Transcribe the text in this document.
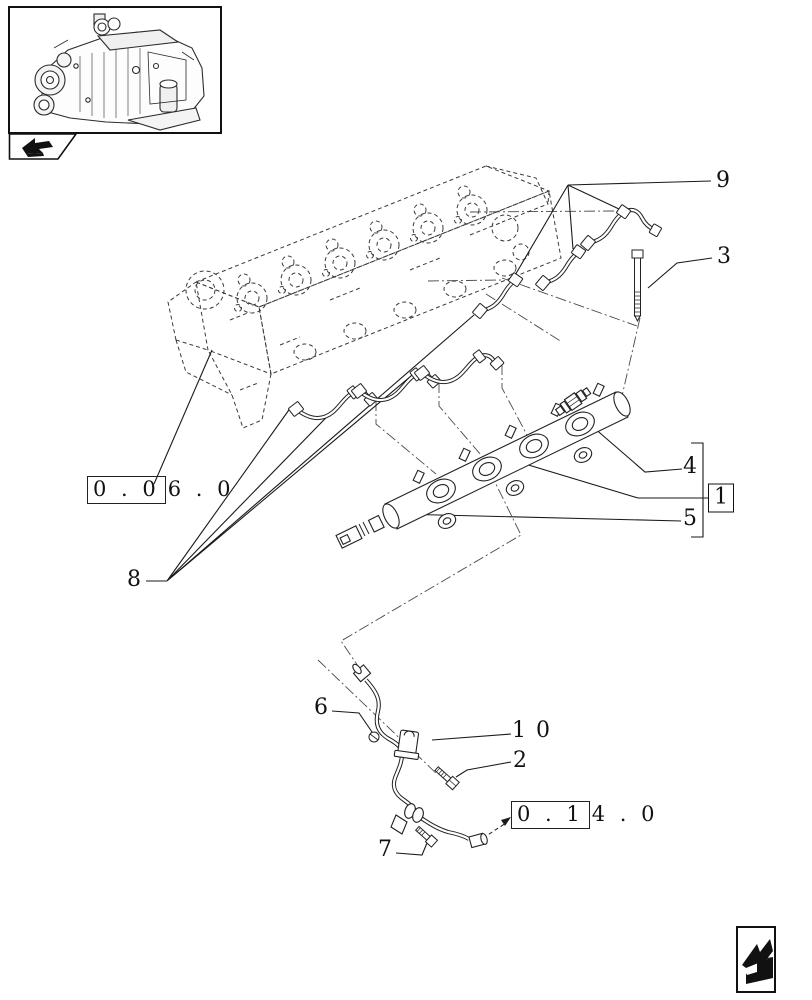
9
3
4
1
5
8
6
10
2
7
0 . 0 6 . 0
0 . 1 4 . 0
